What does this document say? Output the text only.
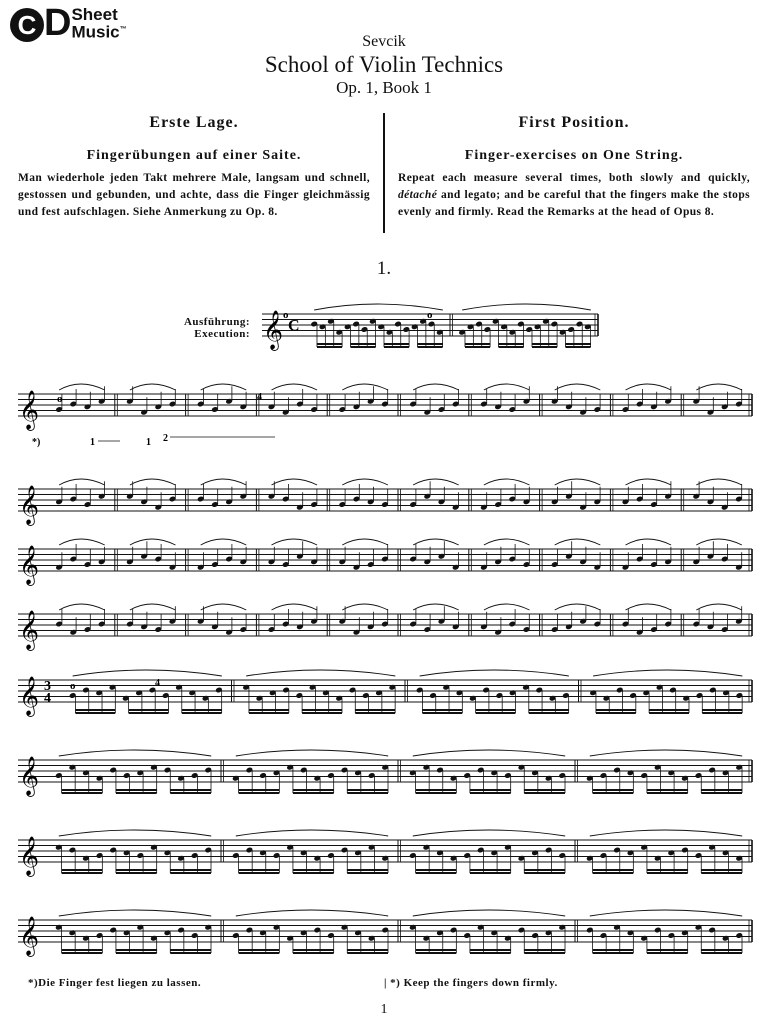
C D Sheet
Music™
Sevcik
School of Violin Technics
Op. 1, Book 1
Erste Lage.
Fingerübungen auf einer Saite.

Man wiederhole jeden Takt mehrere Male, langsam und schnell, gestossen und gebunden, und achte, dass die Finger gleichmässig und fest aufschlagen. Siehe Anmerkung zu Op. 8.

First Position.
Finger-exercises on One String.

Repeat each measure several times, both slowly and quickly, détaché and legato; and be careful that the fingers make the stops evenly and firmly. Read the Remarks at the head of Opus 8.

1.
Ausführung:
Execution: 𝄞 C
𝄞
𝄞
𝄞
𝄞
𝄞 3
4
𝄞
𝄞
𝄞
o
o	o
o
4
4
1	1 2
*)
*)Die Finger fest liegen zu lassen.	| *) Keep the fingers down firmly.
1
